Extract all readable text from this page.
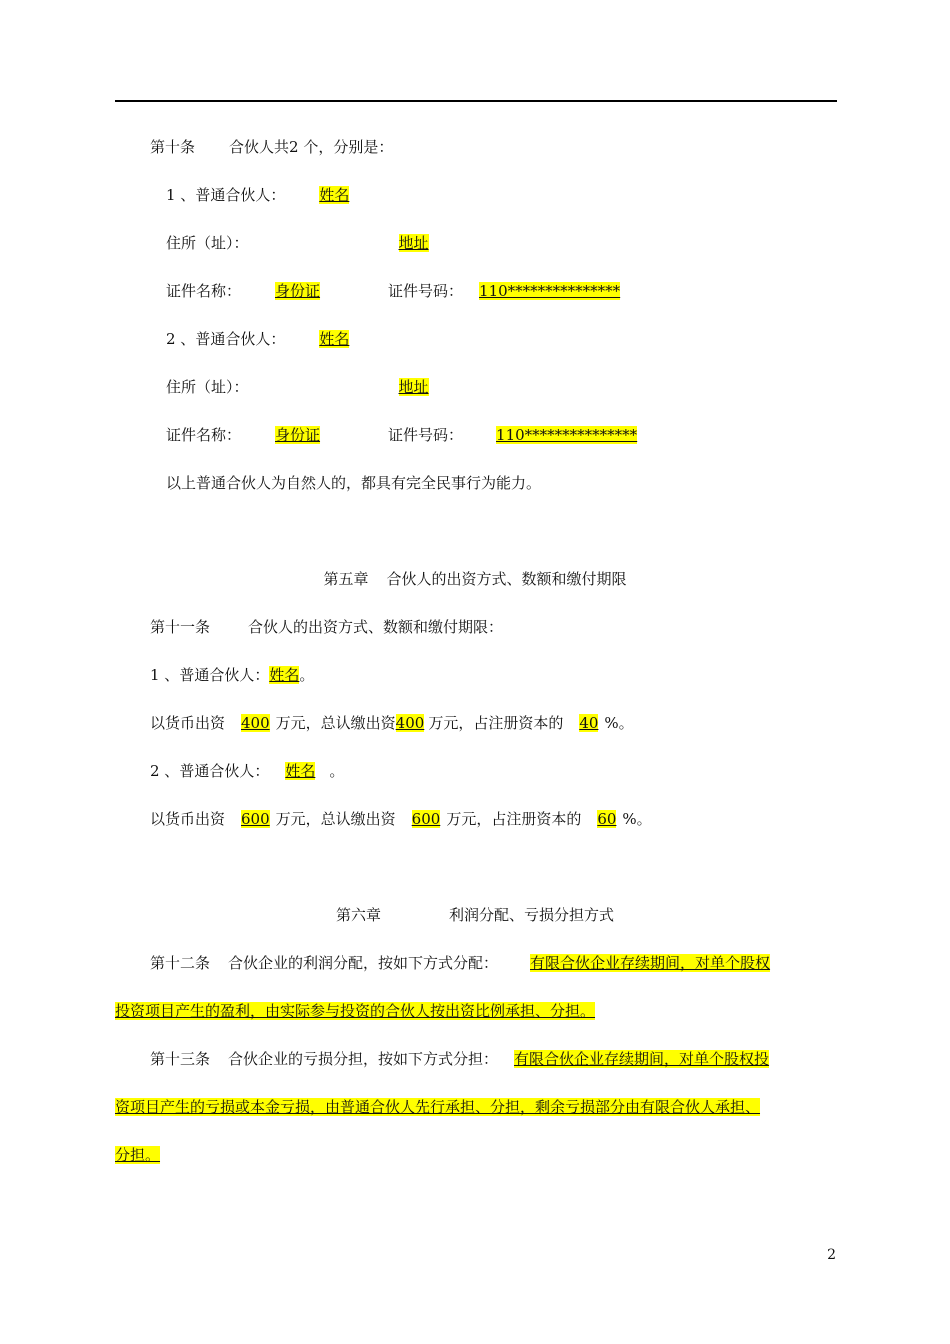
第十条 合伙人共2 个，分别是：
1 、普通合伙人： 姓名
住所（址）：	地址
证件名称： 身份证	证件号码： 110***************
2 、普通合伙人： 姓名
住所（址）：	地址
证件名称： 身份证	证件号码： 110***************
以上普通合伙人为自然人的，都具有完全民事行为能力。
第五章 合伙人的出资方式、数额和缴付期限
第十一条	合伙人的出资方式、数额和缴付期限：
1 、普通合伙人：姓名。
以货币出资 400 万元，总认缴出资400 万元，占注册资本的 40 %。
2 、普通合伙人： 姓名 。
以货币出资 600 万元，总认缴出资 600 万元，占注册资本的 60 %。
第六章	利润分配、亏损分担方式
第十二条 合伙企业的利润分配，按如下方式分配： 有限合伙企业存续期间，对单个股权
投资项目产生的盈利，由实际参与投资的合伙人按出资比例承担、分担。
第十三条 合伙企业的亏损分担，按如下方式分担： 有限合伙企业存续期间，对单个股权投
资项目产生的亏损或本金亏损，由普通合伙人先行承担、分担，剩余亏损部分由有限合伙人承担、
分担。
2
